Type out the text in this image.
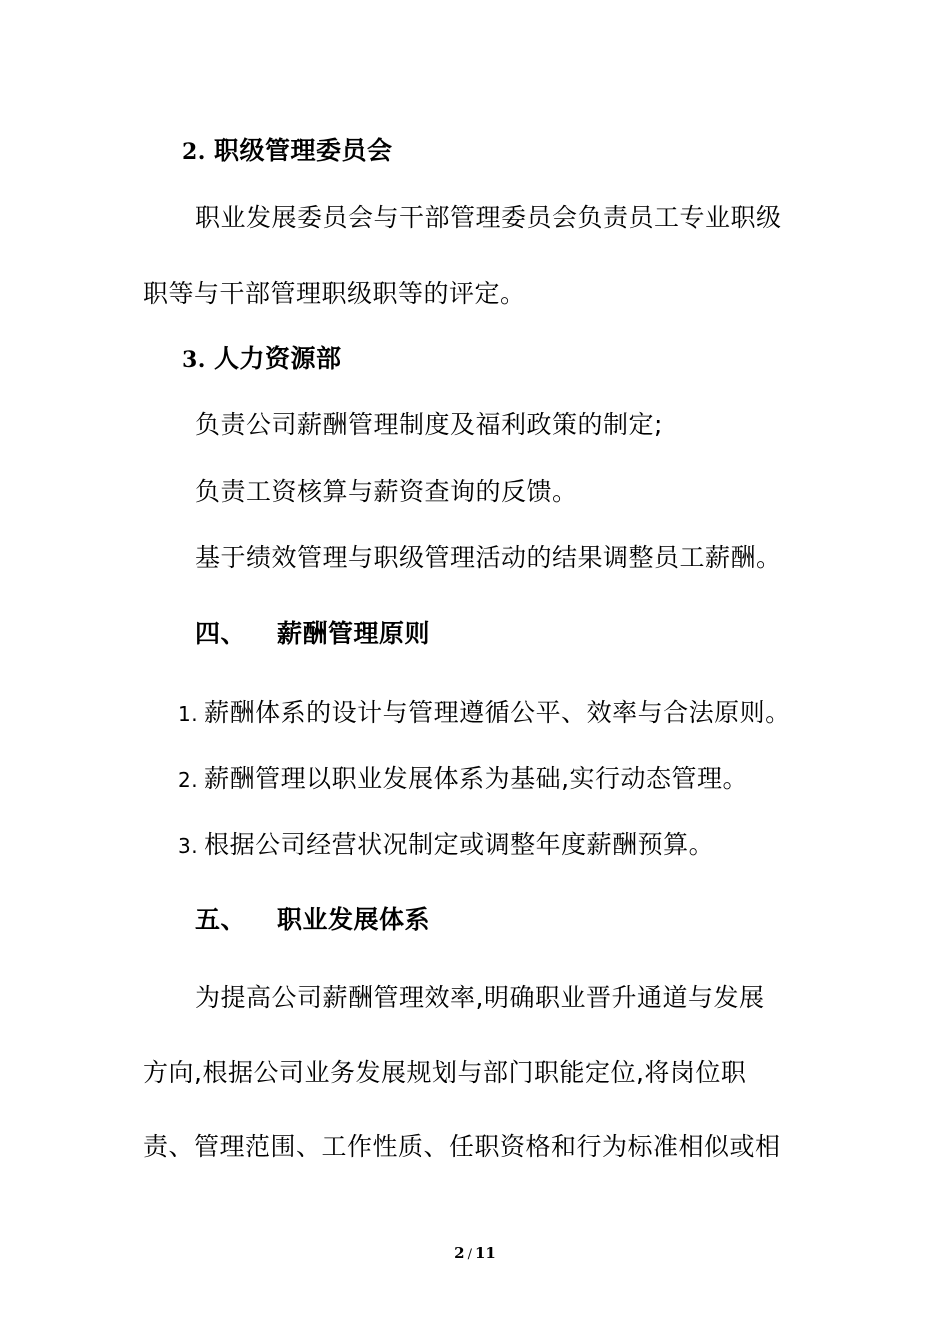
2. 职级管理委员会
职业发展委员会与干部管理委员会负责员工专业职级
职等与干部管理职级职等的评定。
3. 人力资源部
负责公司薪酬管理制度及福利政策的制定;
负责工资核算与薪资查询的反馈。
基于绩效管理与职级管理活动的结果调整员工薪酬。
四、 薪酬管理原则
1. 薪酬体系的设计与管理遵循公平、效率与合法原则。
2. 薪酬管理以职业发展体系为基础,实行动态管理。
3. 根据公司经营状况制定或调整年度薪酬预算。
五、 职业发展体系
为提高公司薪酬管理效率,明确职业晋升通道与发展
方向,根据公司业务发展规划与部门职能定位,将岗位职
责、管理范围、工作性质、任职资格和行为标准相似或相
2 / 11
